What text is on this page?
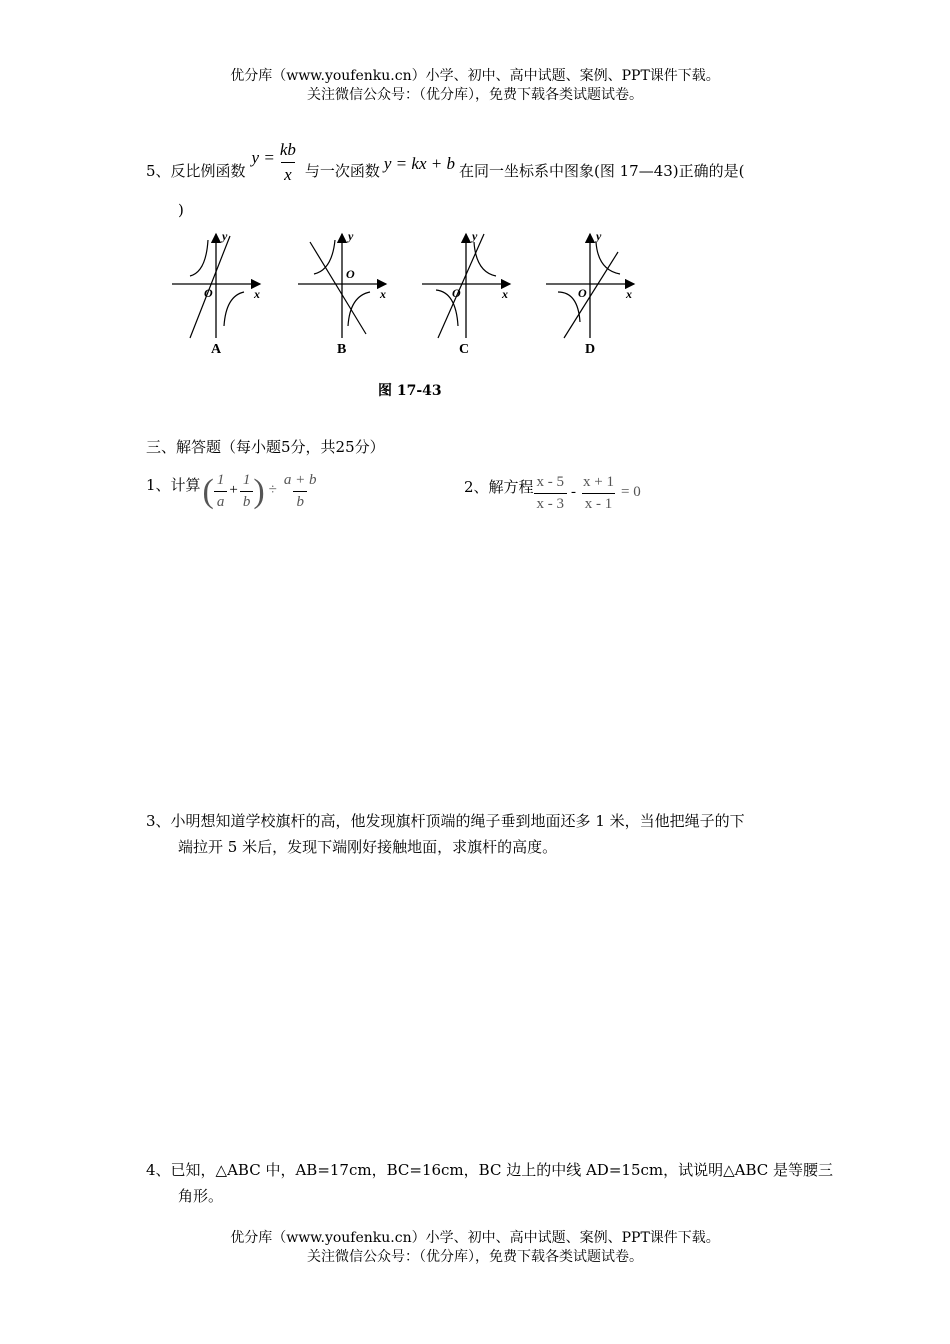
优分库（www.youfenku.cn）小学、初中、高中试题、案例、PPT课件下载。
关注微信公众号：（优分库），免费下载各类试题试卷。
5、反比例函数
$y = \frac{kb}{x}$ 与一次函数 y = kx + b 在同一坐标系中图象(图 17—43)正确的是(
)
O	x
y
O
x
y
O	x
y
O	x
y
A	B	C	D
图 17-43
三、解答题（每小题5分，共25分）
1、计算 ( $\frac{1}{a} + \frac{1}{b}$ ) ÷ $\frac{a + b}{b}$	2、解方程 $\frac{x - 5}{x - 3} - \frac{x + 1}{x - 1} = 0$
3、小明想知道学校旗杆的高，他发现旗杆顶端的绳子垂到地面还多 1 米，当他把绳子的下
端拉开 5 米后，发现下端刚好接触地面，求旗杆的高度。
4、已知，△ABC 中，AB=17cm，BC=16cm，BC 边上的中线 AD=15cm，试说明△ABC 是等腰三
角形。
优分库（www.youfenku.cn）小学、初中、高中试题、案例、PPT课件下载。
关注微信公众号：（优分库），免费下载各类试题试卷。
